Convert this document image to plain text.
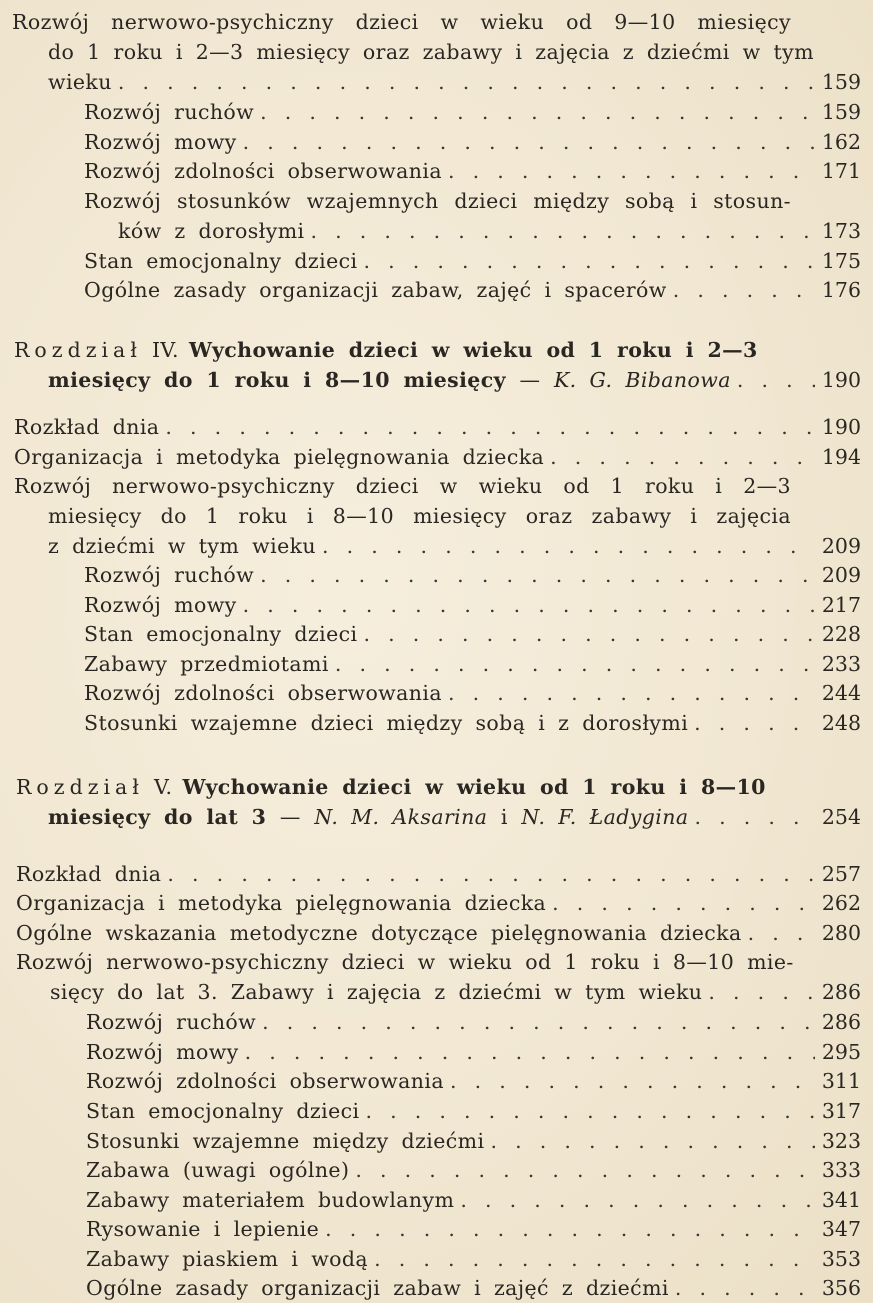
Rozwój nerwowo-psychiczny dzieci w wieku od 9—10 miesięcy
do 1 roku i 2—3 miesięcy oraz zabawy i zajęcia z dziećmi w tym
wieku . . .	159
Rozwój ruchów . . .	159
Rozwój mowy . . .	162
Rozwój zdolności obserwowania . . .	171
Rozwój stosunków wzajemnych dzieci między sobą i stosun-
ków z dorosłymi . . .	173
Stan emocjonalny dzieci . . .	175
Ogólne zasady organizacji zabaw, zajęć i spacerów . . .	176
Rozdział IV. Wychowanie dzieci w wieku od 1 roku i 2—3
miesięcy do 1 roku i 8—10 miesięcy — K. G. Bibanowa . . .	190
Rozkład dnia . . .	190
Organizacja i metodyka pielęgnowania dziecka . . .	194
Rozwój nerwowo-psychiczny dzieci w wieku od 1 roku i 2—3
miesięcy do 1 roku i 8—10 miesięcy oraz zabawy i zajęcia
z dziećmi w tym wieku . . .	209
Rozwój ruchów . . .	209
Rozwój mowy . . .	217
Stan emocjonalny dzieci . . .	228
Zabawy przedmiotami . . .	233
Rozwój zdolności obserwowania . . .	244
Stosunki wzajemne dzieci między sobą i z dorosłymi . . .	248
Rozdział V. Wychowanie dzieci w wieku od 1 roku i 8—10
miesięcy do lat 3 — N. M. Aksarina i N. F. Ładygina . . .	254
Rozkład dnia . . .	257
Organizacja i metodyka pielęgnowania dziecka . . .	262
Ogólne wskazania metodyczne dotyczące pielęgnowania dziecka . . .	280
Rozwój nerwowo-psychiczny dzieci w wieku od 1 roku i 8—10 mie-
sięcy do lat 3. Zabawy i zajęcia z dziećmi w tym wieku . . .	286
Rozwój ruchów . . .	286
Rozwój mowy . . .	295
Rozwój zdolności obserwowania . . .	311
Stan emocjonalny dzieci . . .	317
Stosunki wzajemne między dziećmi . . .	323
Zabawa (uwagi ogólne) . . .	333
Zabawy materiałem budowlanym . . .	341
Rysowanie i lepienie . . .	347
Zabawy piaskiem i wodą . . .	353
Ogólne zasady organizacji zabaw i zajęć z dziećmi . . .	356
